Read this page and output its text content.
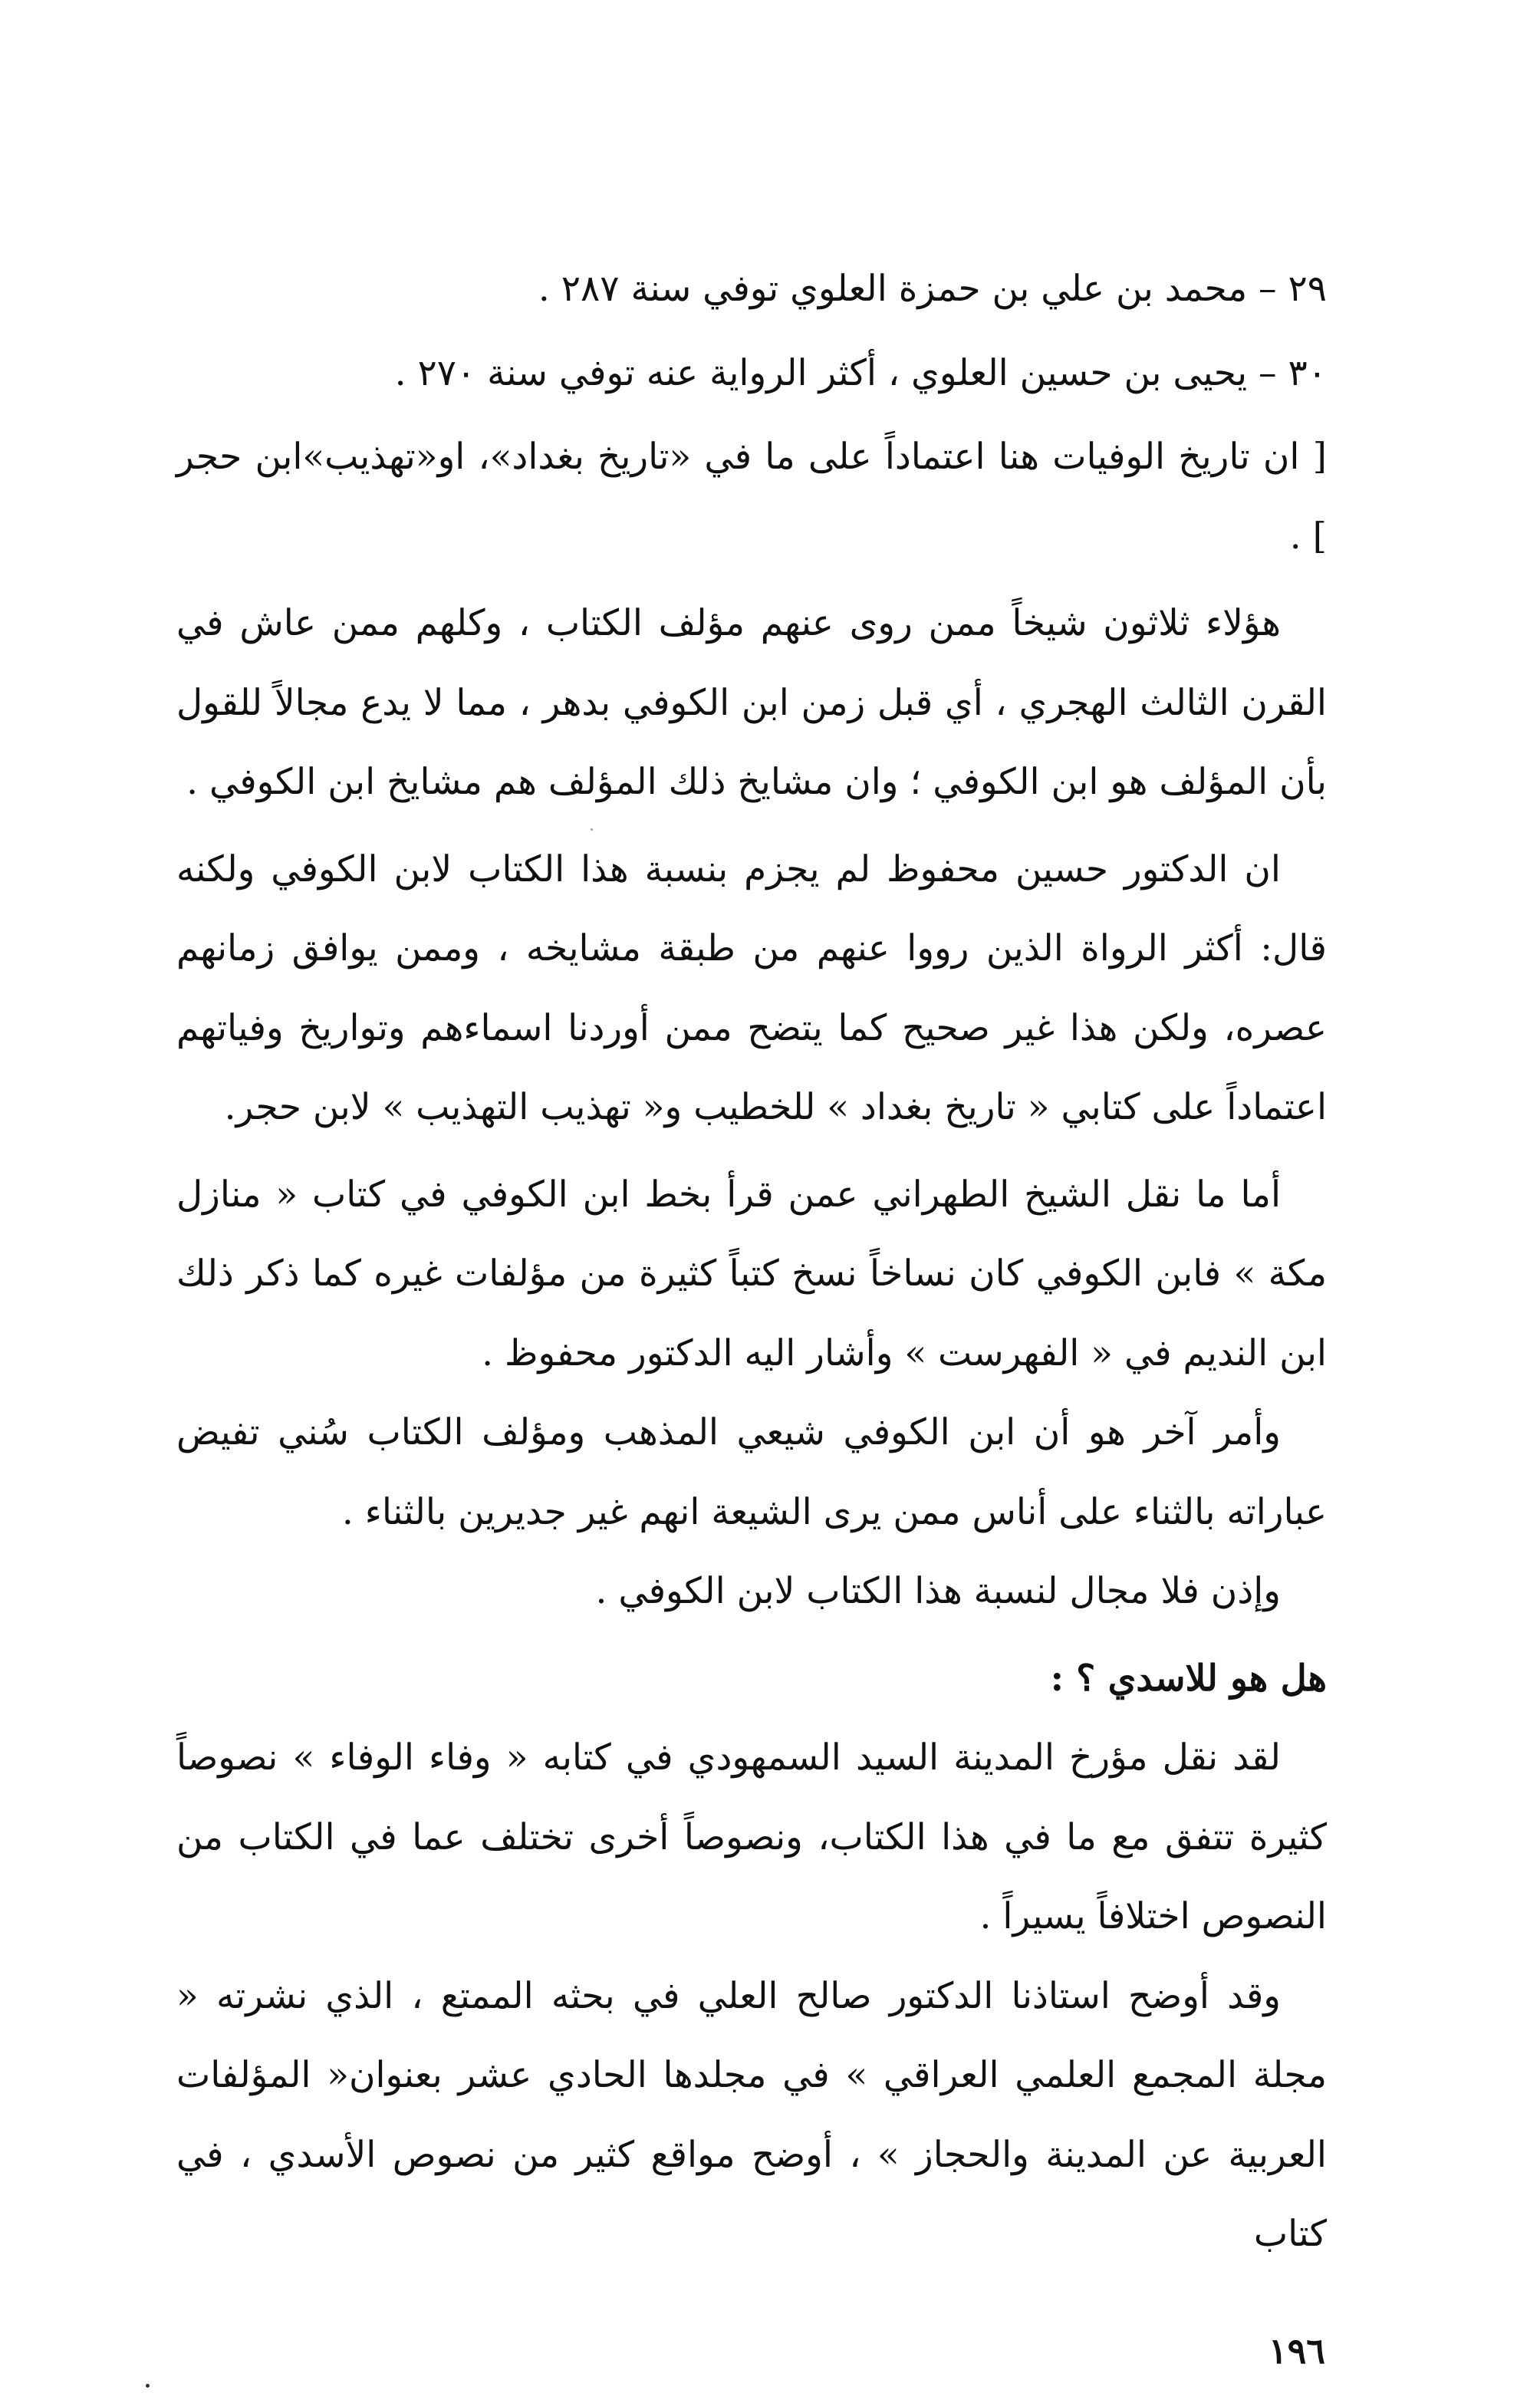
٢٩ – محمد بن علي بن حمزة العلوي توفي سنة ٢٨٧ .

٣٠ – يحيى بن حسين العلوي ، أكثر الرواية عنه توفي سنة ٢٧٠ .

[ ان تاريخ الوفيات هنا اعتماداً على ما في «تاريخ بغداد»، او«تهذيب»ابن حجر ] .

هؤلاء ثلاثون شيخاً ممن روى عنهم مؤلف الكتاب ، وكلهم ممن عاش في القرن الثالث الهجري ، أي قبل زمن ابن الكوفي بدهر ، مما لا يدع مجالاً للقول بأن المؤلف هو ابن الكوفي ؛ وان مشايخ ذلك المؤلف هم مشايخ ابن الكوفي .

ان الدكتور حسين محفوظ لم يجزم بنسبة هذا الكتاب لابن الكوفي ولكنه قال: أكثر الرواة الذين رووا عنهم من طبقة مشايخه ، وممن يوافق زمانهم عصره، ولكن هذا غير صحيح كما يتضح ممن أوردنا اسماءهم وتواريخ وفياتهم اعتماداً على كتابي « تاريخ بغداد » للخطيب و« تهذيب التهذيب » لابن حجر.

أما ما نقل الشيخ الطهراني عمن قرأ بخط ابن الكوفي في كتاب « منازل مكة » فابن الكوفي كان نساخاً نسخ كتباً كثيرة من مؤلفات غيره كما ذكر ذلك ابن النديم في « الفهرست » وأشار اليه الدكتور محفوظ .

وأمر آخر هو أن ابن الكوفي شيعي المذهب ومؤلف الكتاب سُني تفيض عباراته بالثناء على أناس ممن يرى الشيعة انهم غير جديرين بالثناء .

وإذن فلا مجال لنسبة هذا الكتاب لابن الكوفي .

هل هو للاسدي ؟ :

لقد نقل مؤرخ المدينة السيد السمهودي في كتابه « وفاء الوفاء » نصوصاً كثيرة تتفق مع ما في هذا الكتاب، ونصوصاً أخرى تختلف عما في الكتاب من النصوص اختلافاً يسيراً .

وقد أوضح استاذنا الدكتور صالح العلي في بحثه الممتع ، الذي نشرته « مجلة المجمع العلمي العراقي » في مجلدها الحادي عشر بعنوان« المؤلفات العربية عن المدينة والحجاز » ، أوضح مواقع كثير من نصوص الأسدي ، في كتاب

١٩٦
